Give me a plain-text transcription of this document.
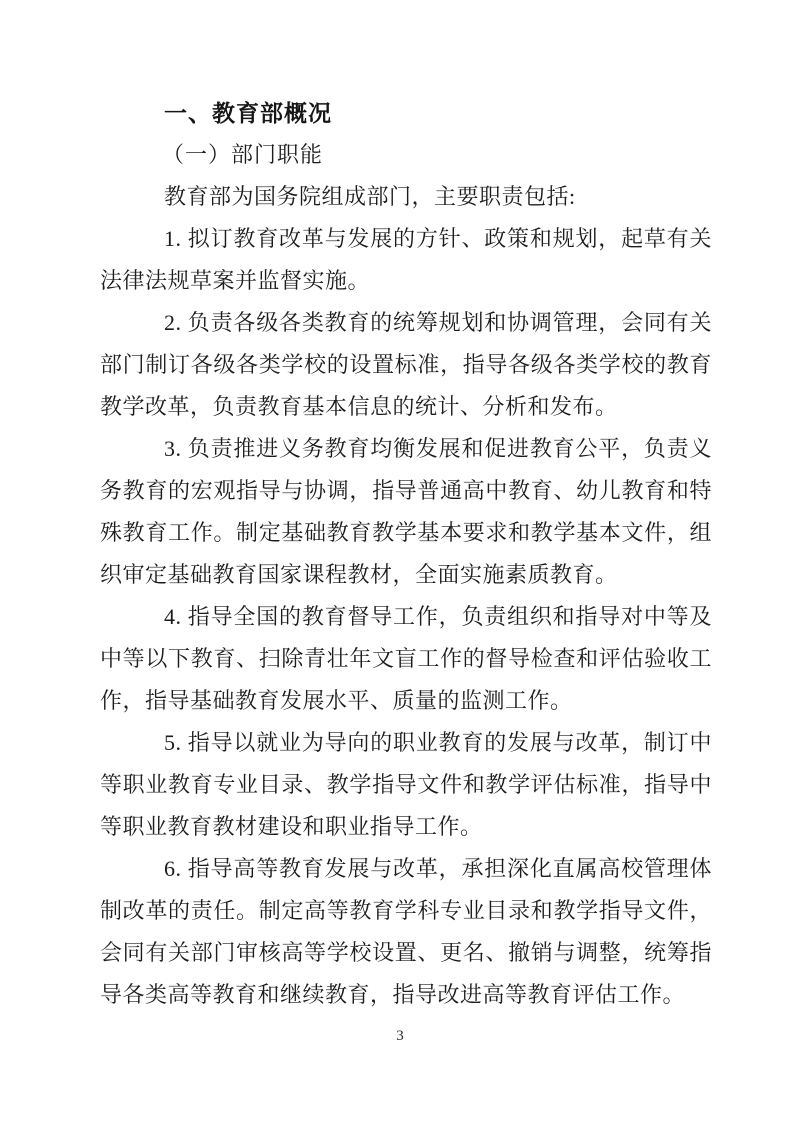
一、教育部概况
（一）部门职能

教育部为国务院组成部门，主要职责包括:

1. 拟订教育改革与发展的方针、政策和规划，起草有关法律法规草案并监督实施。

2. 负责各级各类教育的统筹规划和协调管理，会同有关部门制订各级各类学校的设置标准，指导各级各类学校的教育教学改革，负责教育基本信息的统计、分析和发布。

3. 负责推进义务教育均衡发展和促进教育公平，负责义务教育的宏观指导与协调，指导普通高中教育、幼儿教育和特殊教育工作。制定基础教育教学基本要求和教学基本文件，组织审定基础教育国家课程教材，全面实施素质教育。

4. 指导全国的教育督导工作，负责组织和指导对中等及中等以下教育、扫除青壮年文盲工作的督导检查和评估验收工作，指导基础教育发展水平、质量的监测工作。

5. 指导以就业为导向的职业教育的发展与改革，制订中等职业教育专业目录、教学指导文件和教学评估标准，指导中等职业教育教材建设和职业指导工作。

6. 指导高等教育发展与改革，承担深化直属高校管理体制改革的责任。制定高等教育学科专业目录和教学指导文件，会同有关部门审核高等学校设置、更名、撤销与调整，统筹指导各类高等教育和继续教育，指导改进高等教育评估工作。

3
